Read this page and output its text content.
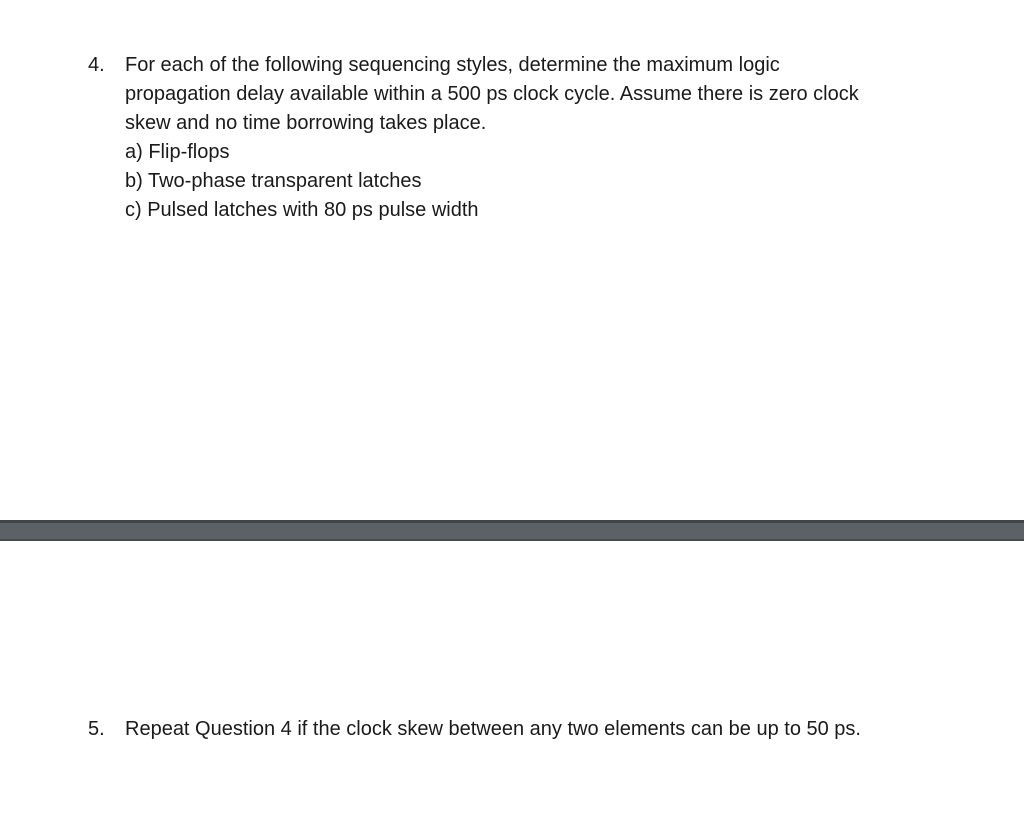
4. For each of the following sequencing styles, determine the maximum logic
propagation delay available within a 500 ps clock cycle. Assume there is zero clock
skew and no time borrowing takes place.
a) Flip-flops
b) Two-phase transparent latches
c) Pulsed latches with 80 ps pulse width
5. Repeat Question 4 if the clock skew between any two elements can be up to 50 ps.
